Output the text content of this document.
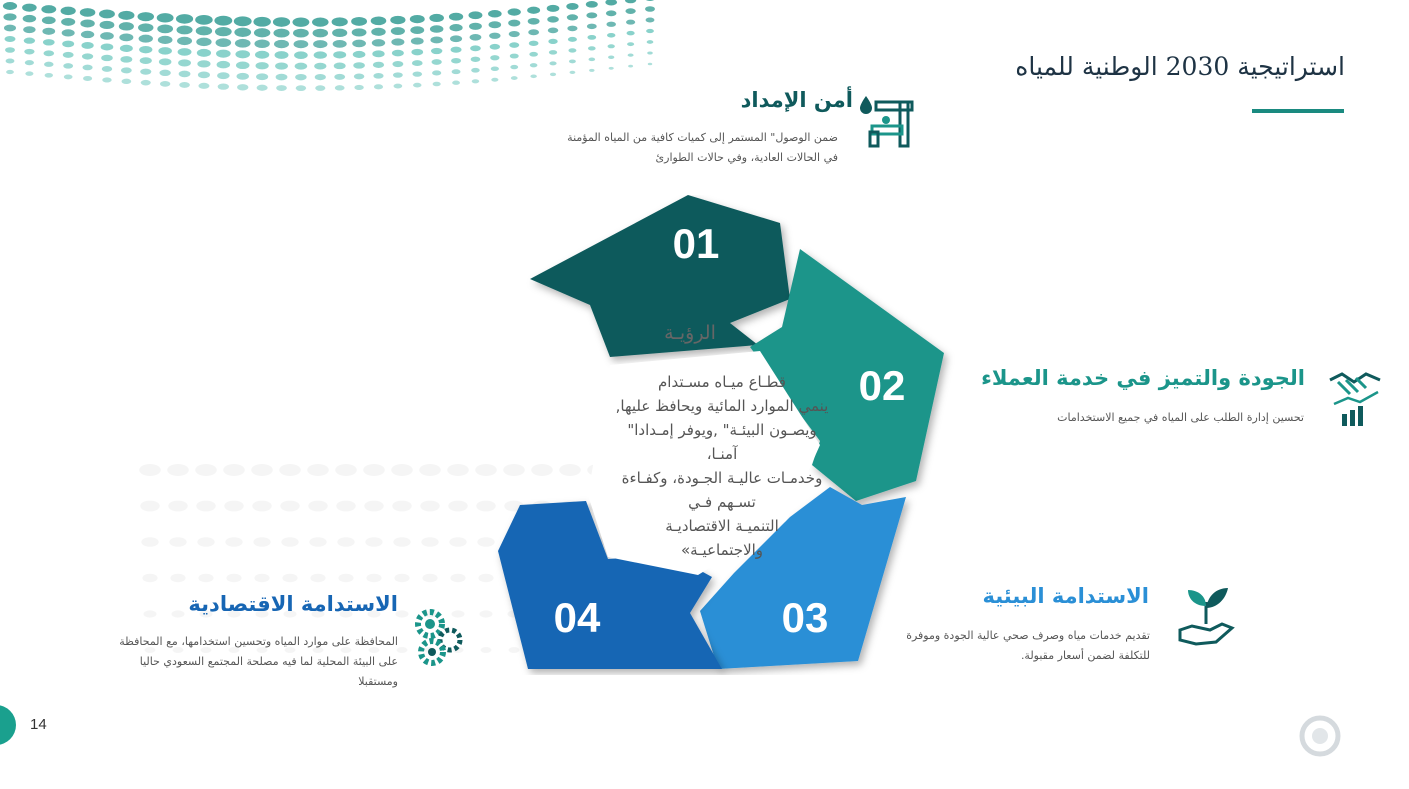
استراتيجية 2030 الوطنية للمياه
أمن الإمداد
ضمن الوصول" المستمر إلى كميات كافية من المياه المؤمنة في الحالات العادية، وفي حالات الطوارئ
الجودة والتميز في خدمة العملاء
تحسين إدارة الطلب على المياه في جميع الاستخدامات
الاستدامة البيئية
تقديم خدمات مياه وصرف صحي عالية الجودة وموفرة للتكلفة لضمن أسعار مقبولة.
الاستدامة الاقتصادية
المحافظة على موارد المياه وتحسين استخدامها، مع المحافظة على البيئة المحلية لما فيه مصلحة المجتمع السعودي حاليا ومستقبلا
01
02
03
04
الرؤيـة
قطـاع ميـاه مسـتدام
ينمي الموارد المائية ويحافظ عليها,
ويصـون البيئـة" ,ويوفر إمـدادا" آمنـا،
وخدمـات عاليـة الجـودة، وكفـاءة
تسـهم فـي
التنميـة الاقتصاديـة
والاجتماعيـة»
14
